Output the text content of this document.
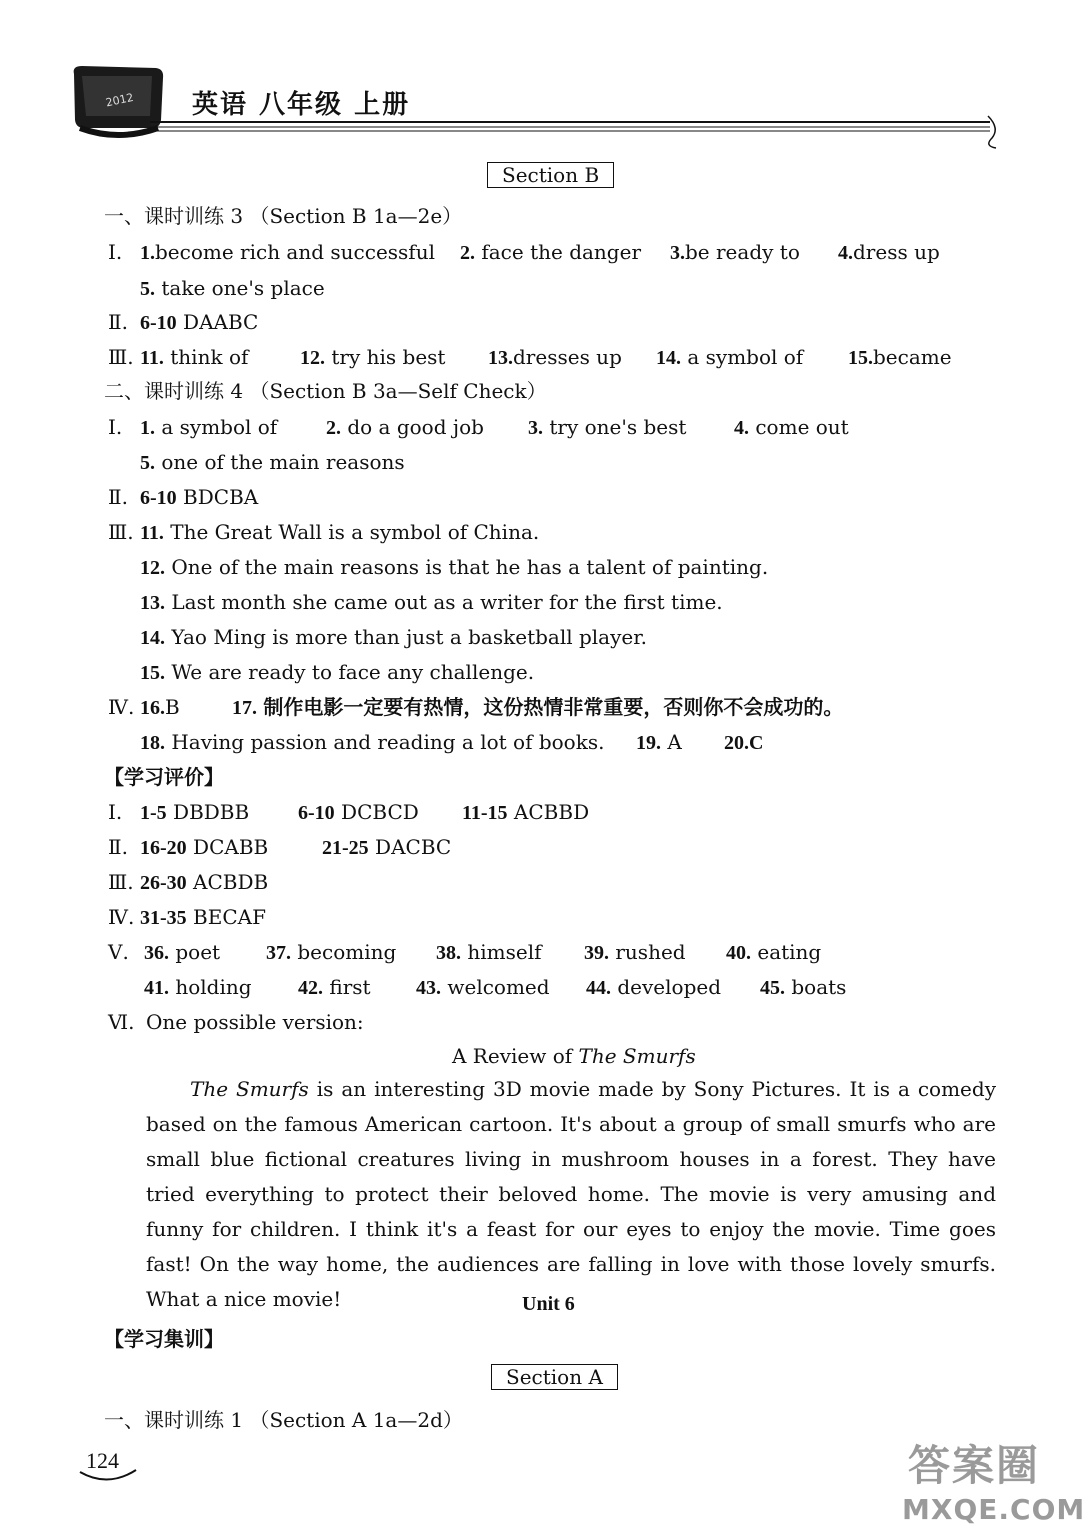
2012 英语 八年级 上册
Section B
一、课时训练 3 （Section B 1a—2e）
Ⅰ. 1.become rich and successful 2. face the danger 3.be ready to 4.dress up
5. take one's place
Ⅱ. 6-10 DAABC
Ⅲ. 11. think of	12. try his best 13.dresses up 14. a symbol of 15.became
二、课时训练 4 （Section B 3a—Self Check）
Ⅰ. 1. a symbol of 2. do a good job 3. try one's best 4. come out
5. one of the main reasons
Ⅱ. 6-10 BDCBA
Ⅲ. 11. The Great Wall is a symbol of China.
12. One of the main reasons is that he has a talent of painting.
13. Last month she came out as a writer for the first time.
14. Yao Ming is more than just a basketball player.
15. We are ready to face any challenge.
Ⅳ. 16.B	17. 制作电影一定要有热情，这份热情非常重要，否则你不会成功的。
18. Having passion and reading a lot of books. 19. A 20.C
【学习评价】
Ⅰ. 1-5 DBDBB 6-10 DCBCD 11-15 ACBBD
Ⅱ. 16-20 DCABB	21-25 DACBC
Ⅲ. 26-30 ACBDB
Ⅳ. 31-35 BECAF
Ⅴ. 36. poet 37. becoming 38. himself 39. rushed 40. eating
41. holding 42. first 43. welcomed 44. developed 45. boats
Ⅵ. One possible version:
A Review of The Smurfs
The Smurfs is an interesting 3D movie made by Sony Pictures. It is a comedy based on the famous American cartoon. It's about a group of small smurfs who are small blue fictional creatures living in mushroom houses in a forest. They have tried everything to protect their beloved home. The movie is very amusing and funny for children. I think it's a feast for our eyes to enjoy the movie. Time goes fast! On the way home, the audiences are falling in love with those lovely smurfs. What a nice movie!	Unit 6
【学习集训】
Section A
一、课时训练 1 （Section A 1a—2d）
124	答案圈
MXQE.COM
